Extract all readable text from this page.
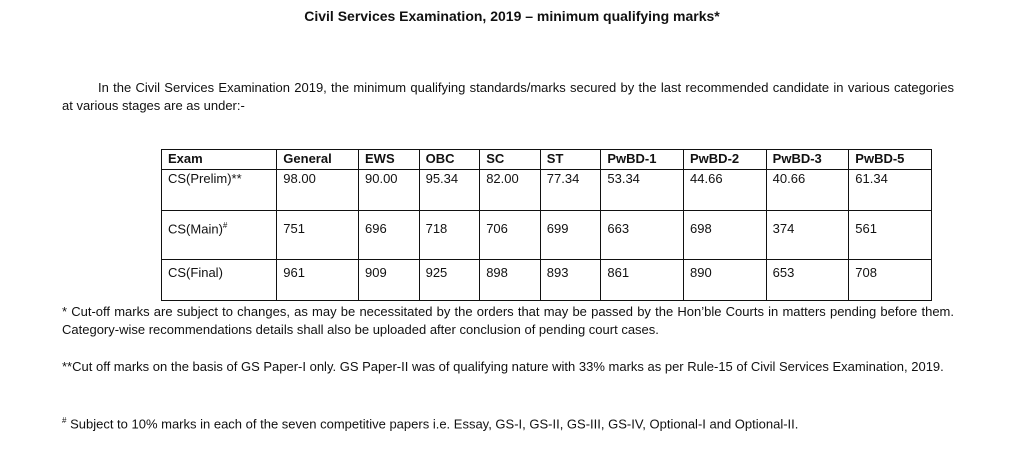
Civil Services Examination, 2019 – minimum qualifying marks*
In the Civil Services Examination 2019, the minimum qualifying standards/marks secured by the last recommended candidate in various categories at various stages are as under:-
Exam	General	EWS	OBC	SC	ST	PwBD-1	PwBD-2	PwBD-3	PwBD-5
CS(Prelim)**	98.00	90.00	95.34	82.00	77.34	53.34	44.66	40.66	61.34
CS(Main)#	751	696	718	706	699	663	698	374	561
CS(Final)	961	909	925	898	893	861	890	653	708
* Cut-off marks are subject to changes, as may be necessitated by the orders that may be passed by the Hon’ble Courts in matters pending before them. Category-wise recommendations details shall also be uploaded after conclusion of pending court cases.
**Cut off marks on the basis of GS Paper-I only. GS Paper-II was of qualifying nature with 33% marks as per Rule-15 of Civil Services Examination, 2019.
# Subject to 10% marks in each of the seven competitive papers i.e. Essay, GS-I, GS-II, GS-III, GS-IV, Optional-I and Optional-II.
